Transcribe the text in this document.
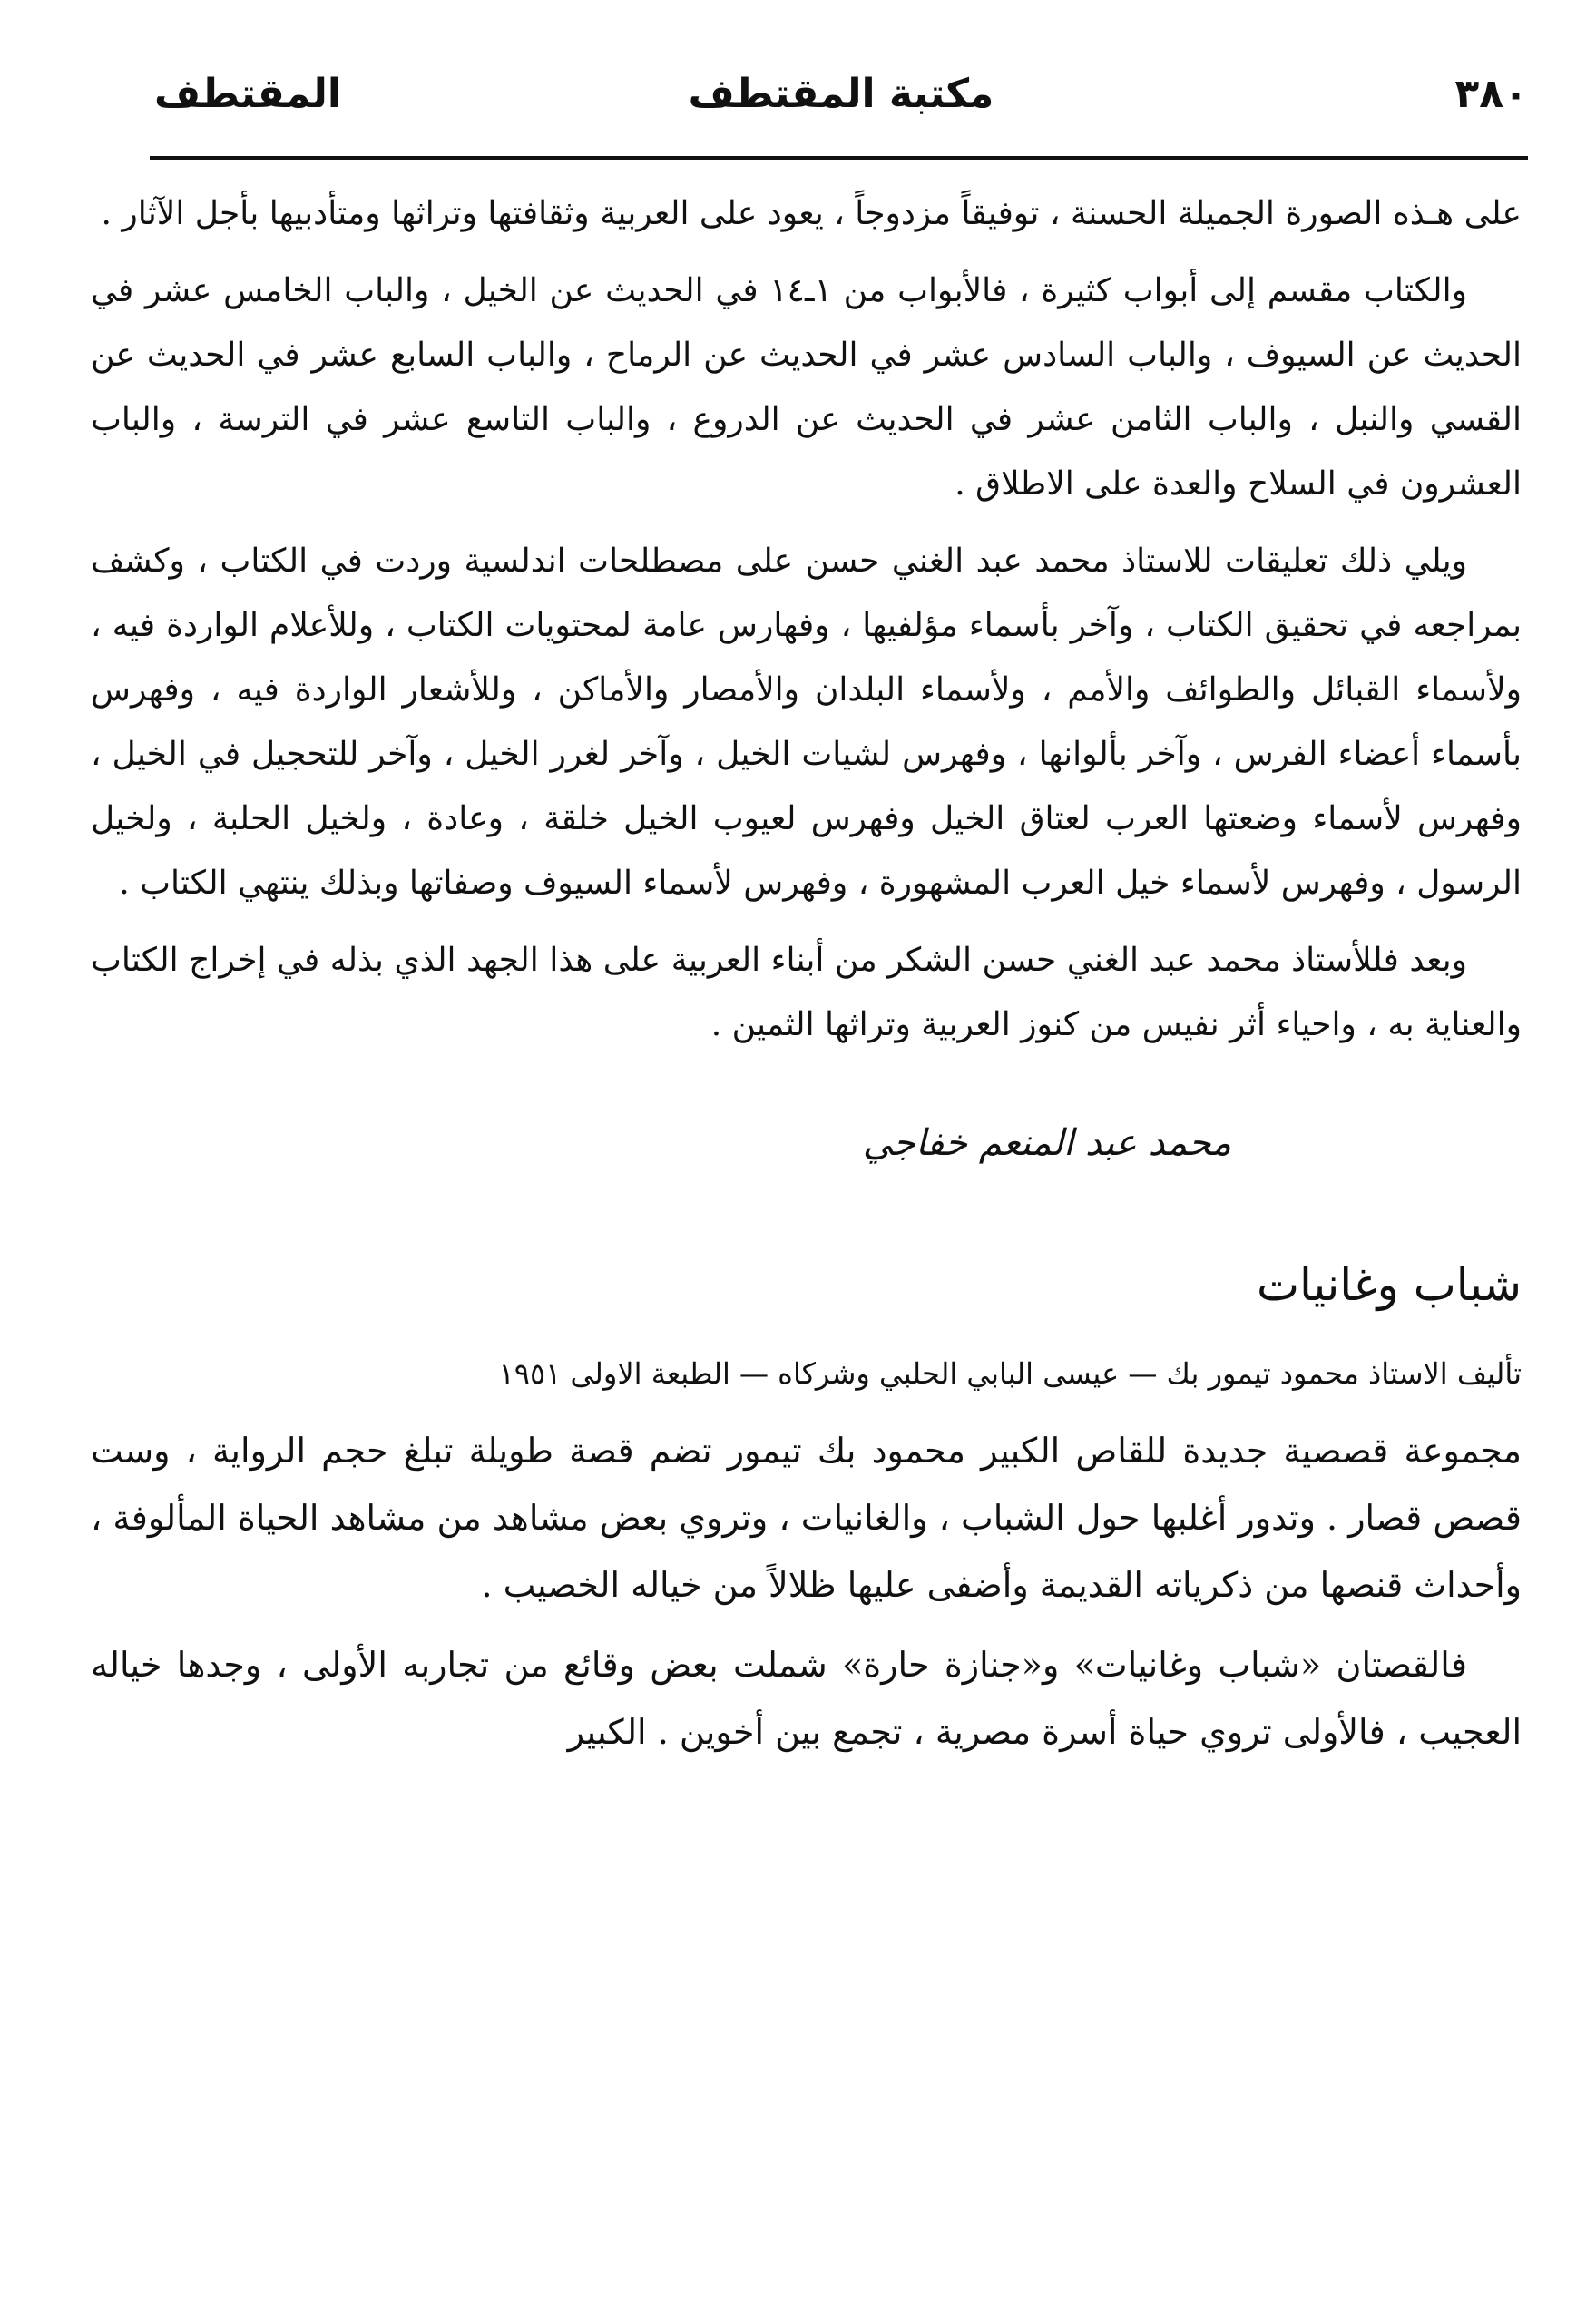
٣٨٠
مكتبة المقتطف
المقتطف

على هـذه الصورة الجميلة الحسنة ، توفيقاً مزدوجاً ، يعود على العربية وثقافتها وتراثها ومتأدبيها بأجل الآثار .

والكتاب مقسم إلى أبواب كثيرة ، فالأبواب من ١ـ١٤ في الحديث عن الخيل ، والباب الخامس عشر في الحديث عن السيوف ، والباب السادس عشر في الحديث عن الرماح ، والباب السابع عشر في الحديث عن القسي والنبل ، والباب الثامن عشر في الحديث عن الدروع ، والباب التاسع عشر في الترسة ، والباب العشرون في السلاح والعدة على الاطلاق .

ويلي ذلك تعليقات للاستاذ محمد عبد الغني حسن على مصطلحات اندلسية وردت في الكتاب ، وكشف بمراجعه في تحقيق الكتاب ، وآخر بأسماء مؤلفيها ، وفهارس عامة لمحتويات الكتاب ، وللأعلام الواردة فيه ، ولأسماء القبائل والطوائف والأمم ، ولأسماء البلدان والأمصار والأماكن ، وللأشعار الواردة فيه ، وفهرس بأسماء أعضاء الفرس ، وآخر بألوانها ، وفهرس لشيات الخيل ، وآخر لغرر الخيل ، وآخر للتحجيل في الخيل ، وفهرس لأسماء وضعتها العرب لعتاق الخيل وفهرس لعيوب الخيل خلقة ، وعادة ، ولخيل الحلبة ، ولخيل الرسول ، وفهرس لأسماء خيل العرب المشهورة ، وفهرس لأسماء السيوف وصفاتها وبذلك ينتهي الكتاب .

وبعد فللأستاذ محمد عبد الغني حسن الشكر من أبناء العربية على هذا الجهد الذي بذله في إخراج الكتاب والعناية به ، واحياء أثر نفيس من كنوز العربية وتراثها الثمين .

محمد عبد المنعم خفاجي
شباب وغانيات
تأليف الاستاذ محمود تيمور بك — عيسى البابي الحلبي وشركاه — الطبعة الاولى ١٩٥١

مجموعة قصصية جديدة للقاص الكبير محمود بك تيمور تضم قصة طويلة تبلغ حجم الرواية ، وست قصص قصار . وتدور أغلبها حول الشباب ، والغانيات ، وتروي بعض مشاهد من مشاهد الحياة المألوفة ، وأحداث قنصها من ذكرياته القديمة وأضفى عليها ظلالاً من خياله الخصيب .

فالقصتان «شباب وغانيات» و«جنازة حارة» شملت بعض وقائع من تجاربه الأولى ، وجدها خياله العجيب ، فالأولى تروي حياة أسرة مصرية ، تجمع بين أخوين . الكبير
